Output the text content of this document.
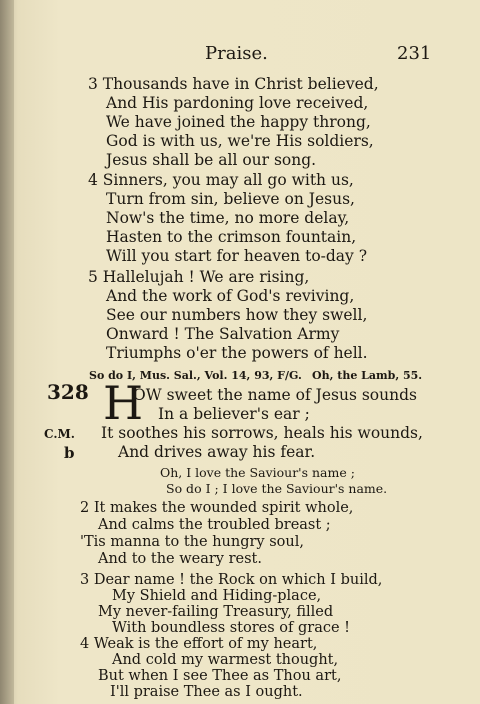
Praise.	231
3 Thousands have in Christ believed,
And His pardoning love received,
We have joined the happy throng,
God is with us, we're His soldiers,
Jesus shall be all our song.
4 Sinners, you may all go with us,
Turn from sin, believe on Jesus,
Now's the time, no more delay,
Hasten to the crimson fountain,
Will you start for heaven to-day ?
5 Hallelujah ! We are rising,
And the work of God's reviving,
See our numbers how they swell,
Onward ! The Salvation Army
Triumphs o'er the powers of hell.
So do I, Mus. Sal., Vol. 14, 93, F/G. Oh, the Lamb, 55.
328 H
OW sweet the name of Jesus sounds
In a believer's ear ;
C.M. It soothes his sorrows, heals his wounds,
b	And drives away his fear.
Oh, I love the Saviour's name ;
So do I ; I love the Saviour's name.
2 It makes the wounded spirit whole,
And calms the troubled breast ;
'Tis manna to the hungry soul,
And to the weary rest.
3 Dear name ! the Rock on which I build,
My Shield and Hiding-place,
My never-failing Treasury, filled
With boundless stores of grace !
4 Weak is the effort of my heart,
And cold my warmest thought,
But when I see Thee as Thou art,
I'll praise Thee as I ought.
